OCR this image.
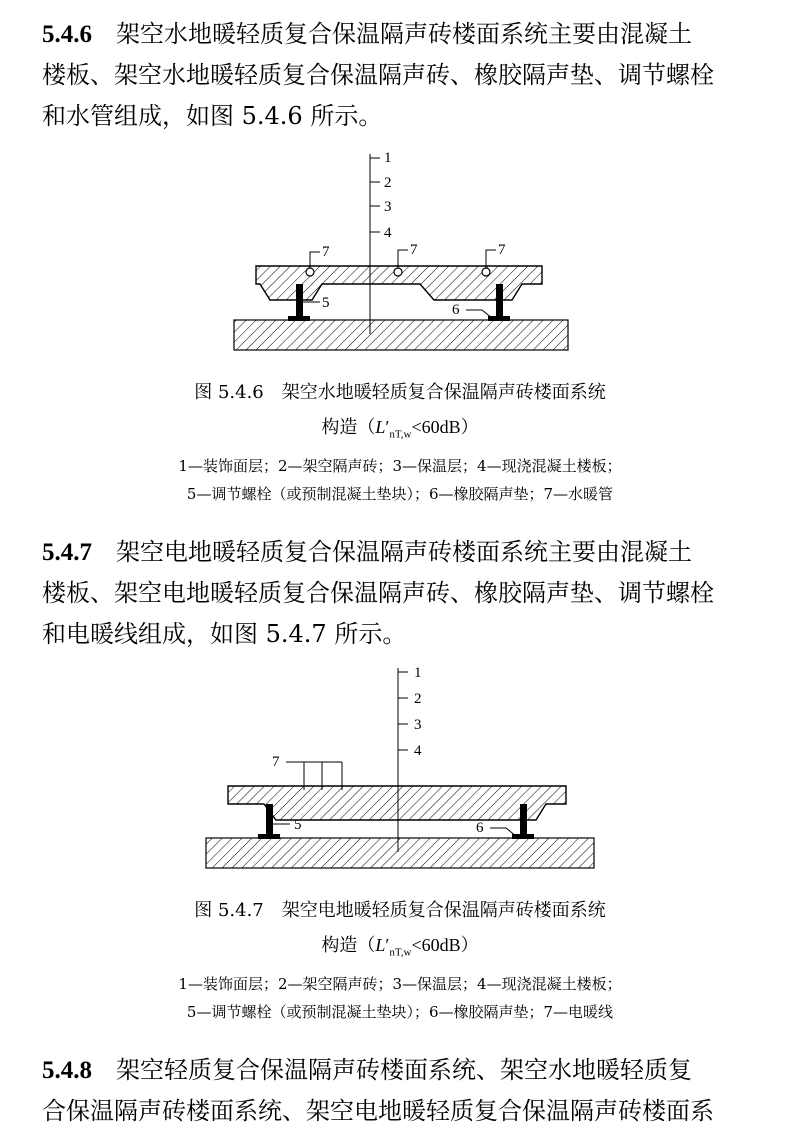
5.4.6　 架空水地暖轻质复合保温隔声砖楼面系统主要由混凝土
楼板、架空水地暖轻质复合保温隔声砖、橡胶隔声垫、调节螺栓
和水管组成，如图 5.4.6 所示。
1
2
3
4
5	6
7	7	7
图 5.4.6　架空水地暖轻质复合保温隔声砖楼面系统
构造$(L'_{nT,w}<60dB)$
1—装饰面层；2—架空隔声砖；3—保温层；4—现浇混凝土楼板；
5—调节螺栓（或预制混凝土垫块）；6—橡胶隔声垫；7—水暖管
5.4.7　 架空电地暖轻质复合保温隔声砖楼面系统主要由混凝土
楼板、架空电地暖轻质复合保温隔声砖、橡胶隔声垫、调节螺栓
和电暖线组成，如图 5.4.7 所示。
7
1
2
3
4
5	6
图 5.4.7　架空电地暖轻质复合保温隔声砖楼面系统
构造$(L'_{nT,w}<60dB)$
1—装饰面层；2—架空隔声砖；3—保温层；4—现浇混凝土楼板；
5—调节螺栓（或预制混凝土垫块）；6—橡胶隔声垫；7—电暖线
5.4.8　 架空轻质复合保温隔声砖楼面系统、架空水地暖轻质复
合保温隔声砖楼面系统、架空电地暖轻质复合保温隔声砖楼面系
